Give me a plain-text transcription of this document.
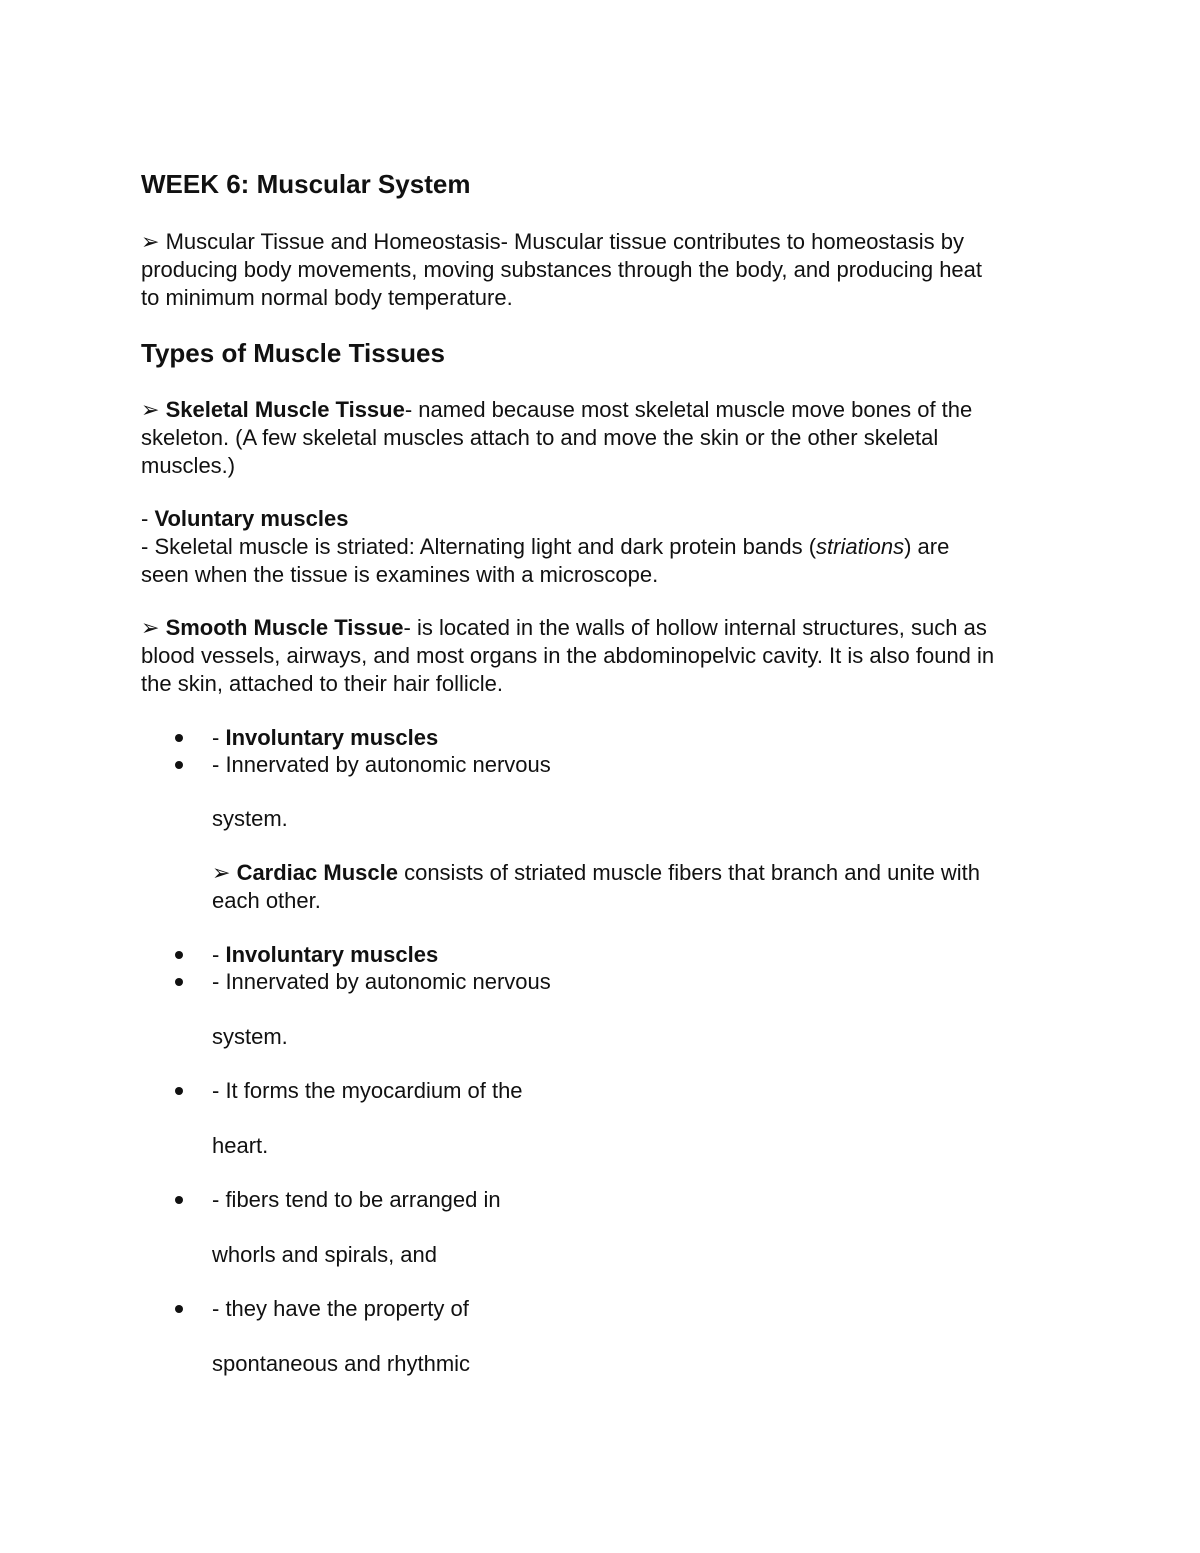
WEEK 6: Muscular System
➢ Muscular Tissue and Homeostasis- Muscular tissue contributes to homeostasis by
producing body movements, moving substances through the body, and producing heat
to minimum normal body temperature.
Types of Muscle Tissues
➢ Skeletal Muscle Tissue- named because most skeletal muscle move bones of the
skeleton. (A few skeletal muscles attach to and move the skin or the other skeletal
muscles.)
- Voluntary muscles
- Skeletal muscle is striated: Alternating light and dark protein bands (striations) are
seen when the tissue is examines with a microscope.
➢ Smooth Muscle Tissue- is located in the walls of hollow internal structures, such as
blood vessels, airways, and most organs in the abdominopelvic cavity. It is also found in
the skin, attached to their hair follicle.
- Involuntary muscles
- Innervated by autonomic nervous
system.
➢ Cardiac Muscle consists of striated muscle fibers that branch and unite with
each other.
- Involuntary muscles
- Innervated by autonomic nervous
system.
- It forms the myocardium of the
heart.
- fibers tend to be arranged in
whorls and spirals, and
- they have the property of
spontaneous and rhythmic
